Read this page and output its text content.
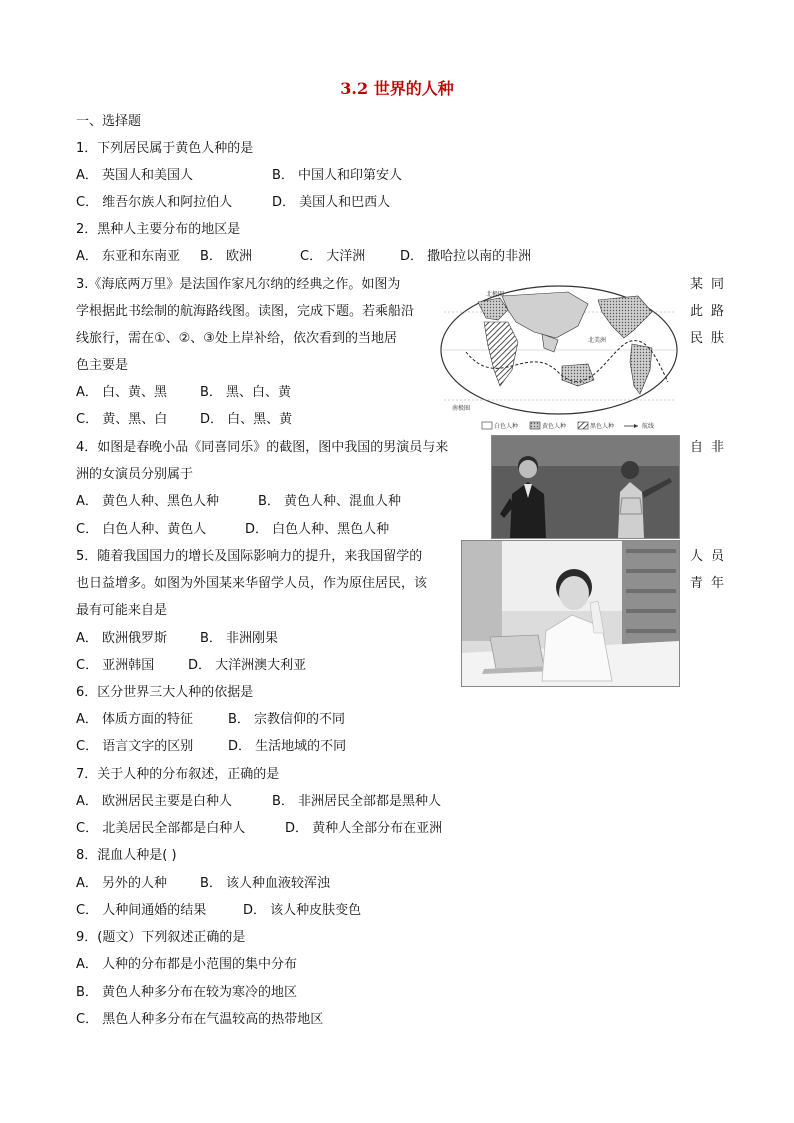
3.2 世界的人种
一、选择题
1．下列居民属于黄色人种的是
A． 英国人和美国人	B． 中国人和印第安人
C． 维吾尔族人和阿拉伯人	D． 美国人和巴西人
2．黑种人主要分布的地区是
A． 东亚和东南亚 B． 欧洲	C． 大洋洲	D． 撒哈拉以南的非洲
3.《海底两万里》是法国作家凡尔纳的经典之作。如图为	某 同
学根据此书绘制的航海路线图。读图，完成下题。若乘船沿	此 路
线旅行，需在①、②、③处上岸补给，依次看到的当地居	民 肤
色主要是
A． 白、黄、黑	B． 黑、白、黄
C． 黄、黑、白	D． 白、黑、黄
北极圈
北美洲
南极圈
白色人种	黄色人种	黑色人种	航线
4．如图是春晚小品《同喜同乐》的截图，图中我国的男演员与来	自 非
洲的女演员分别属于
A． 黄色人种、黑色人种	B． 黄色人种、混血人种
C． 白色人种、黄色人	D． 白色人种、黑色人种
5．随着我国国力的增长及国际影响力的提升，来我国留学的	人 员
也日益增多。如图为外国某来华留学人员，作为原住居民，该	青 年
最有可能来自是
A． 欧洲俄罗斯	B． 非洲刚果
C． 亚洲韩国	D． 大洋洲澳大利亚
6．区分世界三大人种的依据是
A． 体质方面的特征	B． 宗教信仰的不同
C． 语言文字的区别	D． 生活地域的不同
7．关于人种的分布叙述，正确的是
A． 欧洲居民主要是白种人	B． 非洲居民全部都是黑种人
C． 北美居民全部都是白种人	D． 黄种人全部分布在亚洲
8．混血人种是( )
A． 另外的人种	B． 该人种血液较浑浊
C． 人种间通婚的结果	D． 该人种皮肤变色
9．(题文）下列叙述正确的是
A． 人种的分布都是小范围的集中分布
B． 黄色人种多分布在较为寒冷的地区
C． 黑色人种多分布在气温较高的热带地区
